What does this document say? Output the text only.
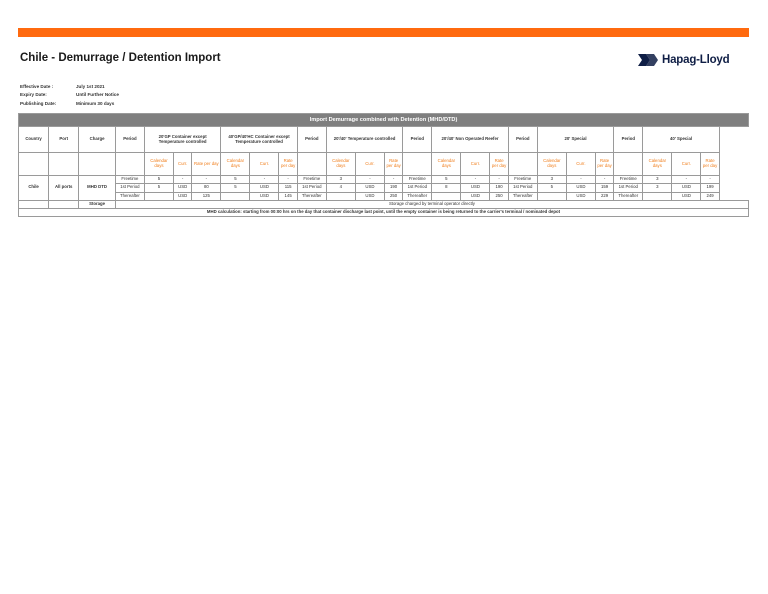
Chile - Demurrage / Detention Import	Hapag-Lloyd
Effective Date :	July 1st 2021
Expiry Date:	Until Further Notice
Publishing Date:	Minimum 30 days
Import Demurrage combined with Detention (MHD/DTD)																									
Country	Port	Charge	Period	20'GP Container except Temperature controlled			40'GP/40'HC Container except Temperature controlled			Period	20'/40' Temperature controlled			Period	20'/40' Non Operated Reefer			Period	20' Special			Period	40' Special		
				Calendar days	Curr.	Rate per day	Calendar days	Curr.	Rate per day		Calendar days	Curr.	Rate per day		Calendar days	Curr.	Rate per day		Calendar days	Curr.	Rate per day		Calendar days	Curr.	Rate per day
Chile	All ports	MHD DTD	Freetime	5	-	-	5	-	-	Freetime	3	-	-	Freetime	5	-	-	Freetime	3	-	-	Freetime	3	-	-
			1st Period	5	USD	80	5	USD	115	1st Period	4	USD	190	1st Period	8	USD	190	1st Period	5	USD	159	1st Period	3	USD	199
			Thereafter		USD	125		USD	145	Thereafter		USD	250	Thereafter		USD	250	Thereafter		USD	229	Thereafter		USD	249
		Storage	Storage charged by terminal operator directly																						
MHD calculation: starting from 00:00 hrs on the day that container discharge last point, until the empty container is being returned to the carrier's terminal / nominated depot																									
